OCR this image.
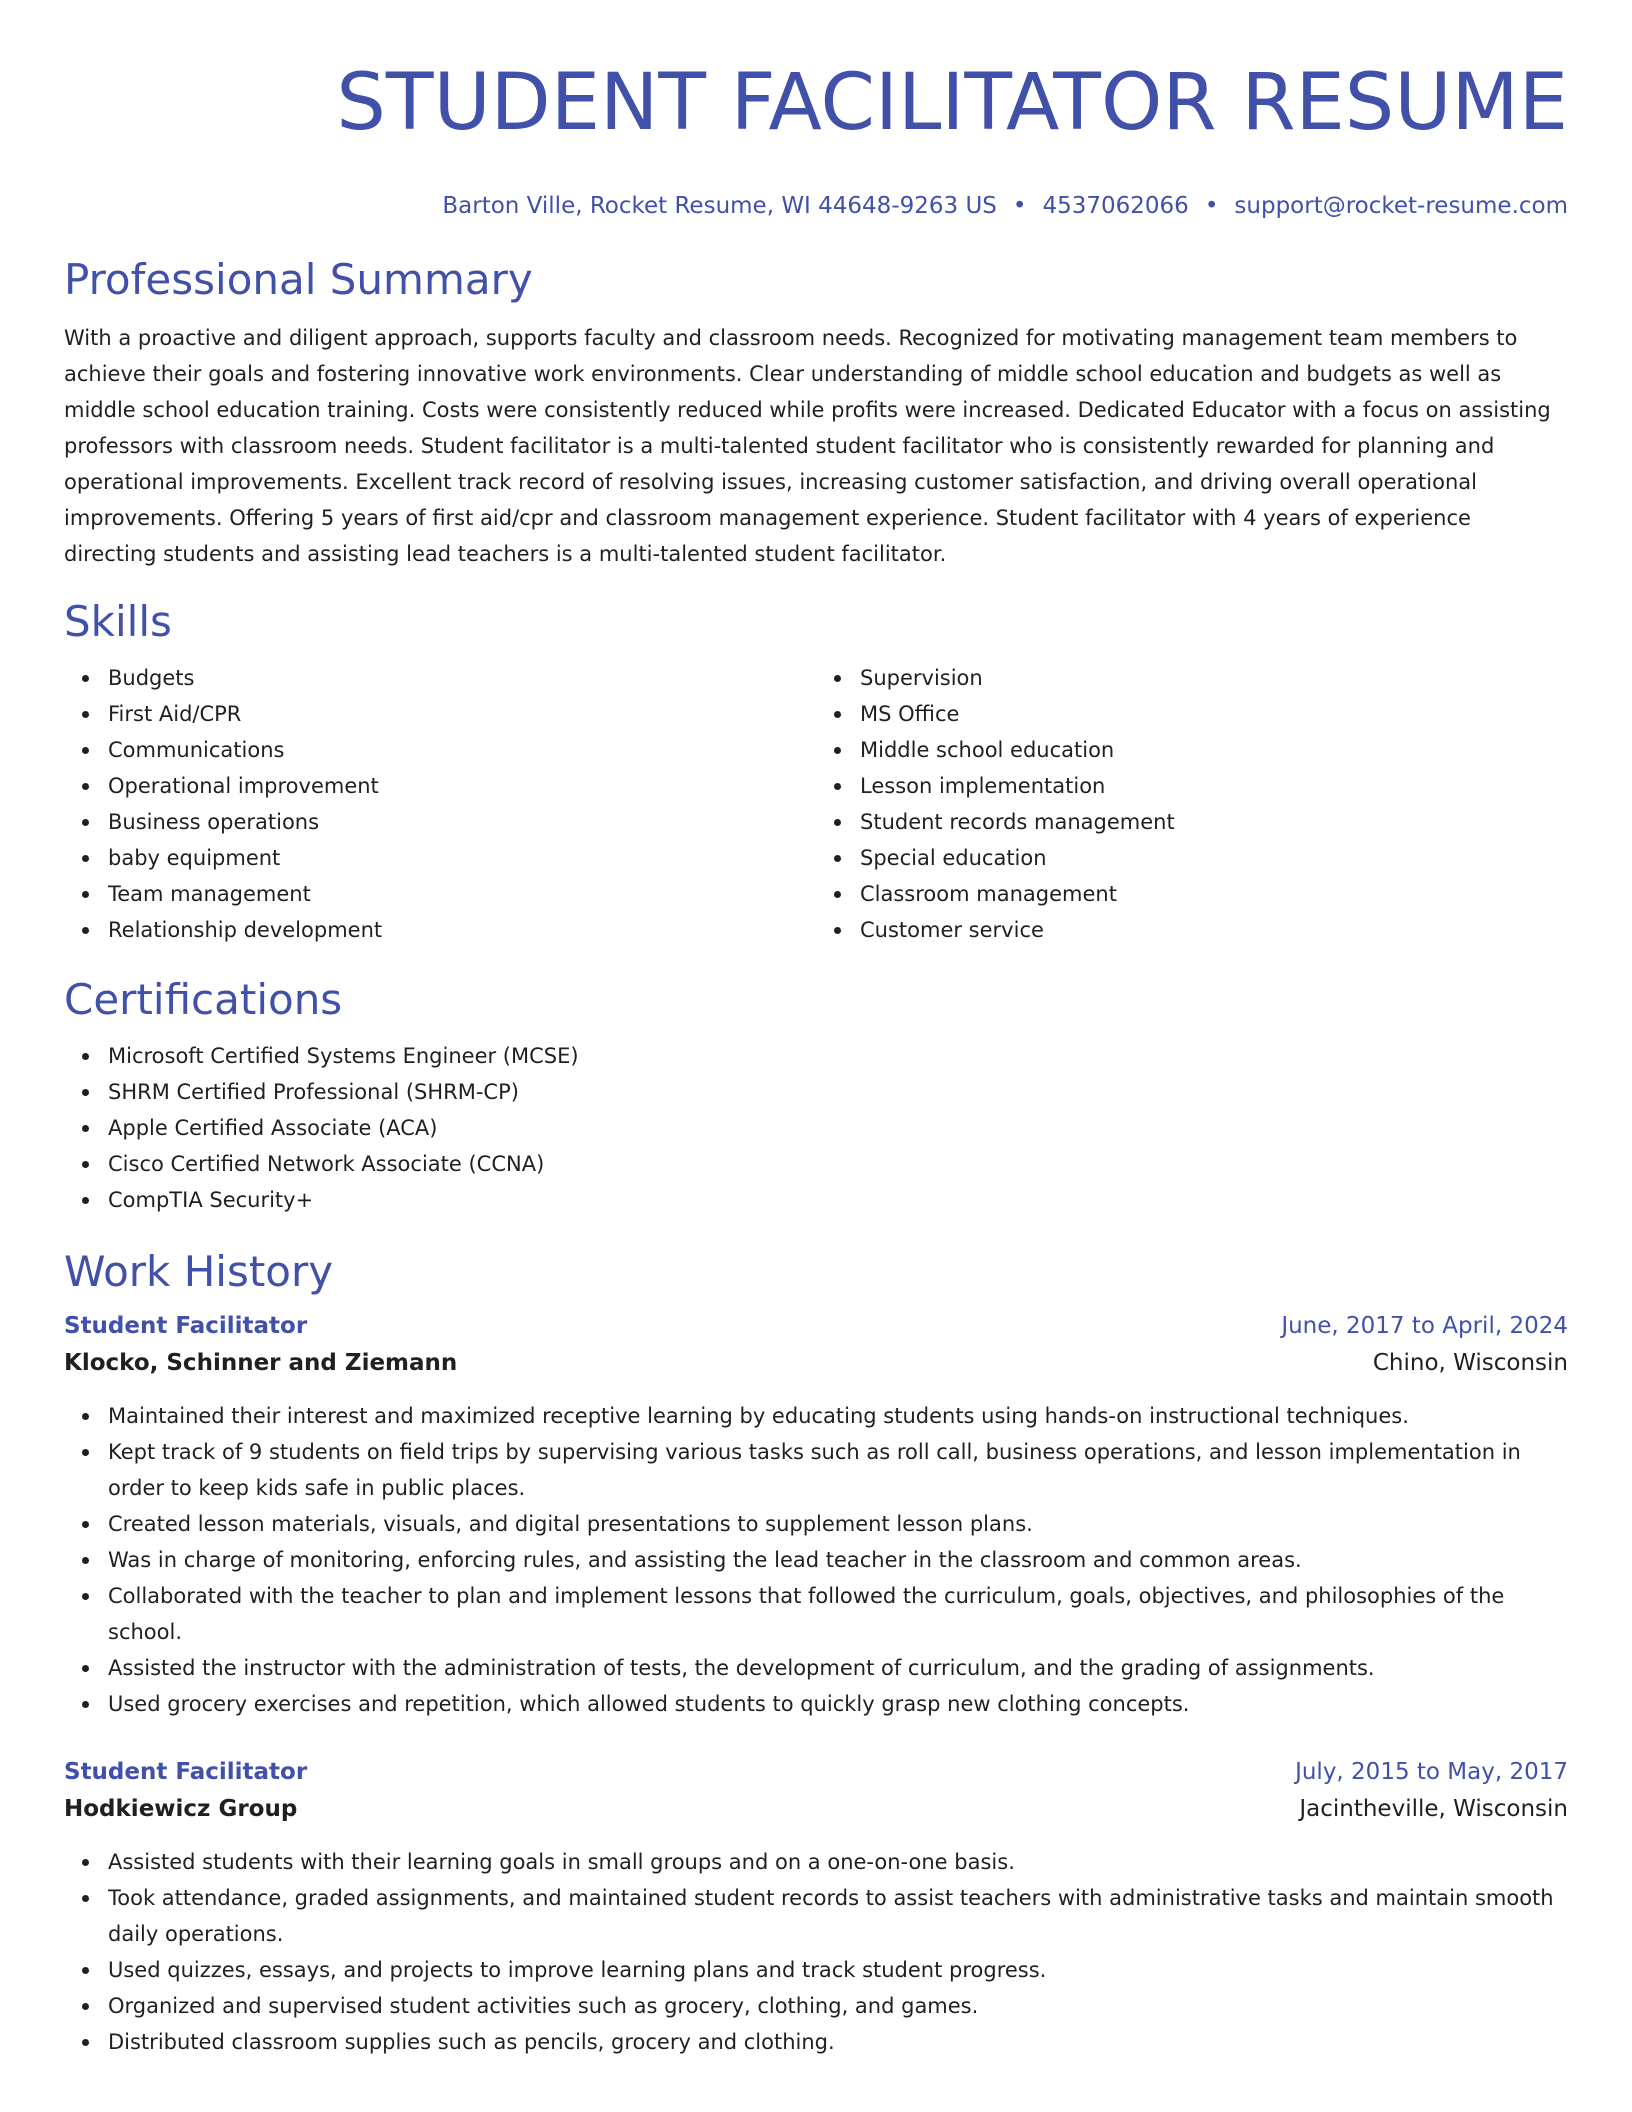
STUDENT FACILITATOR RESUME
Barton Ville, Rocket Resume, WI 44648-9263 US • 4537062066 • support@rocket-resume.com
Professional Summary

With a proactive and diligent approach, supports faculty and classroom needs. Recognized for motivating management team members to achieve their goals and fostering innovative work environments. Clear understanding of middle school education and budgets as well as middle school education training. Costs were consistently reduced while profits were increased. Dedicated Educator with a focus on assisting professors with classroom needs. Student facilitator is a multi-talented student facilitator who is consistently rewarded for planning and operational improvements. Excellent track record of resolving issues, increasing customer satisfaction, and driving overall operational improvements. Offering 5 years of first aid/cpr and classroom management experience. Student facilitator with 4 years of experience directing students and assisting lead teachers is a multi-talented student facilitator.

Skills
Budgets
First Aid/CPR
Communications
Operational improvement
Business operations
baby equipment
Team management
Relationship development
Supervision
MS Office
Middle school education
Lesson implementation
Student records management
Special education
Classroom management
Customer service
Certifications
Microsoft Certified Systems Engineer (MCSE)
SHRM Certified Professional (SHRM-CP)
Apple Certified Associate (ACA)
Cisco Certified Network Associate (CCNA)
CompTIA Security+
Work History
Student Facilitator	June, 2017 to April, 2024
Klocko, Schinner and Ziemann	Chino, Wisconsin
Maintained their interest and maximized receptive learning by educating students using hands-on instructional techniques.
Kept track of 9 students on field trips by supervising various tasks such as roll call, business operations, and lesson implementation in order to keep kids safe in public places.
Created lesson materials, visuals, and digital presentations to supplement lesson plans.
Was in charge of monitoring, enforcing rules, and assisting the lead teacher in the classroom and common areas.
Collaborated with the teacher to plan and implement lessons that followed the curriculum, goals, objectives, and philosophies of the school.
Assisted the instructor with the administration of tests, the development of curriculum, and the grading of assignments.
Used grocery exercises and repetition, which allowed students to quickly grasp new clothing concepts.
Student Facilitator	July, 2015 to May, 2017
Hodkiewicz Group	Jacintheville, Wisconsin
Assisted students with their learning goals in small groups and on a one-on-one basis.
Took attendance, graded assignments, and maintained student records to assist teachers with administrative tasks and maintain smooth daily operations.
Used quizzes, essays, and projects to improve learning plans and track student progress.
Organized and supervised student activities such as grocery, clothing, and games.
Distributed classroom supplies such as pencils, grocery and clothing.
